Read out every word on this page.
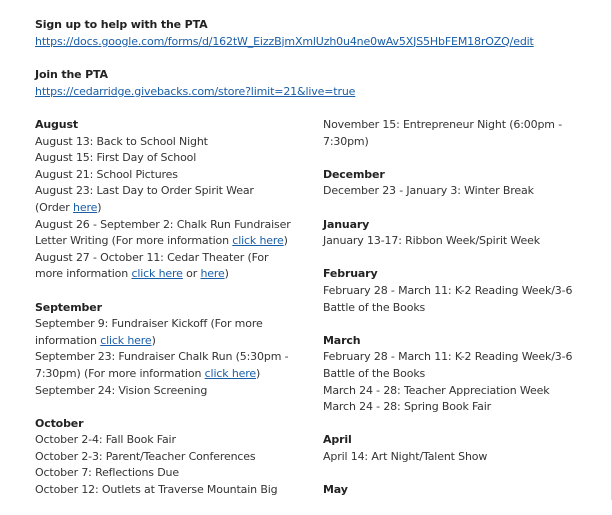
Sign up to help with the PTA
https://docs.google.com/forms/d/162tW_EizzBjmXmlUzh0u4ne0wAv5XJS5HbFEM18rOZQ/edit
Join the PTA
https://cedarridge.givebacks.com/store?limit=21&live=true
August
August 13: Back to School Night
August 15: First Day of School
August 21: School Pictures
August 23: Last Day to Order Spirit Wear
(Order here)
August 26 - September 2: Chalk Run Fundraiser
Letter Writing (For more information click here)
August 27 - October 11: Cedar Theater (For
more information click here or here)
September
September 9: Fundraiser Kickoff (For more
information click here)
September 23: Fundraiser Chalk Run (5:30pm -
7:30pm) (For more information click here)
September 24: Vision Screening
October
October 2-4: Fall Book Fair
October 2-3: Parent/Teacher Conferences
October 7: Reflections Due
October 12: Outlets at Traverse Mountain Big
November 15: Entrepreneur Night (6:00pm -
7:30pm)
December
December 23 - January 3: Winter Break
January
January 13-17: Ribbon Week/Spirit Week
February
February 28 - March 11: K-2 Reading Week/3-6
Battle of the Books
March
February 28 - March 11: K-2 Reading Week/3-6
Battle of the Books
March 24 - 28: Teacher Appreciation Week
March 24 - 28: Spring Book Fair
April
April 14: Art Night/Talent Show
May
